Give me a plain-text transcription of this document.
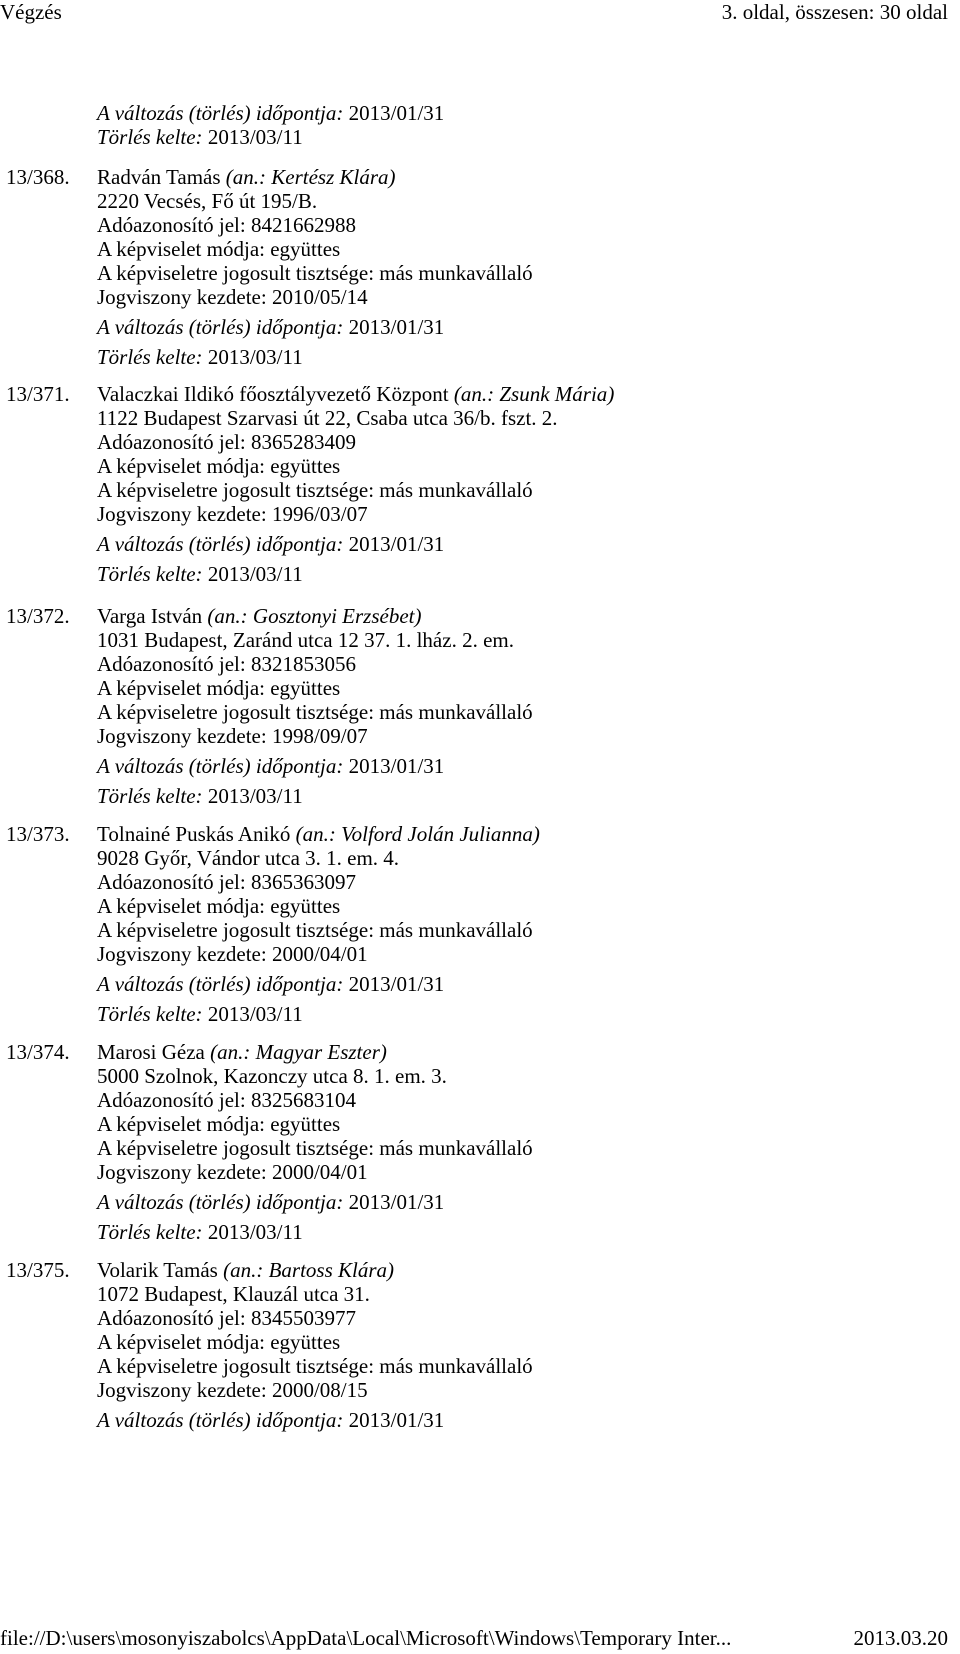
Végzés	3. oldal, összesen: 30 oldal
A változás (törlés) időpontja: 2013/01/31
Törlés kelte: 2013/03/11
13/368. Radván Tamás (an.: Kertész Klára)
2220 Vecsés, Fő út 195/B.
Adóazonosító jel: 8421662988
A képviselet módja: együttes
A képviseletre jogosult tisztsége: más munkavállaló
Jogviszony kezdete: 2010/05/14
A változás (törlés) időpontja: 2013/01/31
Törlés kelte: 2013/03/11
13/371. Valaczkai Ildikó főosztályvezető Központ (an.: Zsunk Mária)
1122 Budapest Szarvasi út 22, Csaba utca 36/b. fszt. 2.
Adóazonosító jel: 8365283409
A képviselet módja: együttes
A képviseletre jogosult tisztsége: más munkavállaló
Jogviszony kezdete: 1996/03/07
A változás (törlés) időpontja: 2013/01/31
Törlés kelte: 2013/03/11
13/372. Varga István (an.: Gosztonyi Erzsébet)
1031 Budapest, Zaránd utca 12 37. 1. lház. 2. em.
Adóazonosító jel: 8321853056
A képviselet módja: együttes
A képviseletre jogosult tisztsége: más munkavállaló
Jogviszony kezdete: 1998/09/07
A változás (törlés) időpontja: 2013/01/31
Törlés kelte: 2013/03/11
13/373. Tolnainé Puskás Anikó (an.: Volford Jolán Julianna)
9028 Győr, Vándor utca 3. 1. em. 4.
Adóazonosító jel: 8365363097
A képviselet módja: együttes
A képviseletre jogosult tisztsége: más munkavállaló
Jogviszony kezdete: 2000/04/01
A változás (törlés) időpontja: 2013/01/31
Törlés kelte: 2013/03/11
13/374. Marosi Géza (an.: Magyar Eszter)
5000 Szolnok, Kazonczy utca 8. 1. em. 3.
Adóazonosító jel: 8325683104
A képviselet módja: együttes
A képviseletre jogosult tisztsége: más munkavállaló
Jogviszony kezdete: 2000/04/01
A változás (törlés) időpontja: 2013/01/31
Törlés kelte: 2013/03/11
13/375. Volarik Tamás (an.: Bartoss Klára)
1072 Budapest, Klauzál utca 31.
Adóazonosító jel: 8345503977
A képviselet módja: együttes
A képviseletre jogosult tisztsége: más munkavállaló
Jogviszony kezdete: 2000/08/15
A változás (törlés) időpontja: 2013/01/31
file://D:\users\mosonyiszabolcs\AppData\Local\Microsoft\Windows\Temporary Inter...	2013.03.20
